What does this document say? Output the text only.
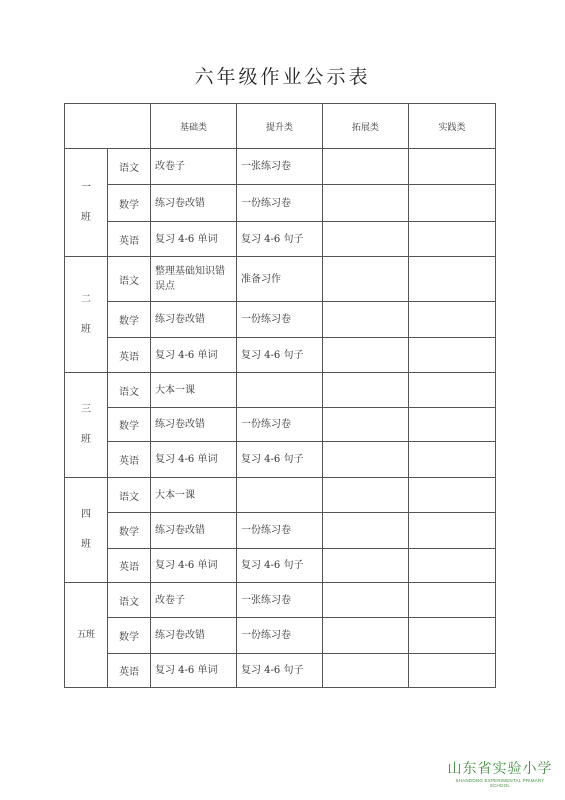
六年级作业公示表
		基础类	提升类	拓展类	实践类

一
班	语文	改卷子	一张练习卷		
	数学	练习卷改错	一份练习卷		
	英语	复习 4-6 单词	复习 4-6 句子		

二
班	语文	整理基础知识错误点	准备习作		
	数学	练习卷改错	一份练习卷		
	英语	复习 4-6 单词	复习 4-6 句子		

三
班	语文	大本一课			
	数学	练习卷改错	一份练习卷		
	英语	复习 4-6 单词	复习 4-6 句子		

四
班	语文	大本一课			
	数学	练习卷改错	一份练习卷		
	英语	复习 4-6 单词	复习 4-6 句子		

五班	语文	改卷子	一张练习卷		
	数学	练习卷改错	一份练习卷		
	英语	复习 4-6 单词	复习 4-6 句子		
山东省实验小学
SHANDONG EXPERIMENTAL PRIMARY SCHOOL
